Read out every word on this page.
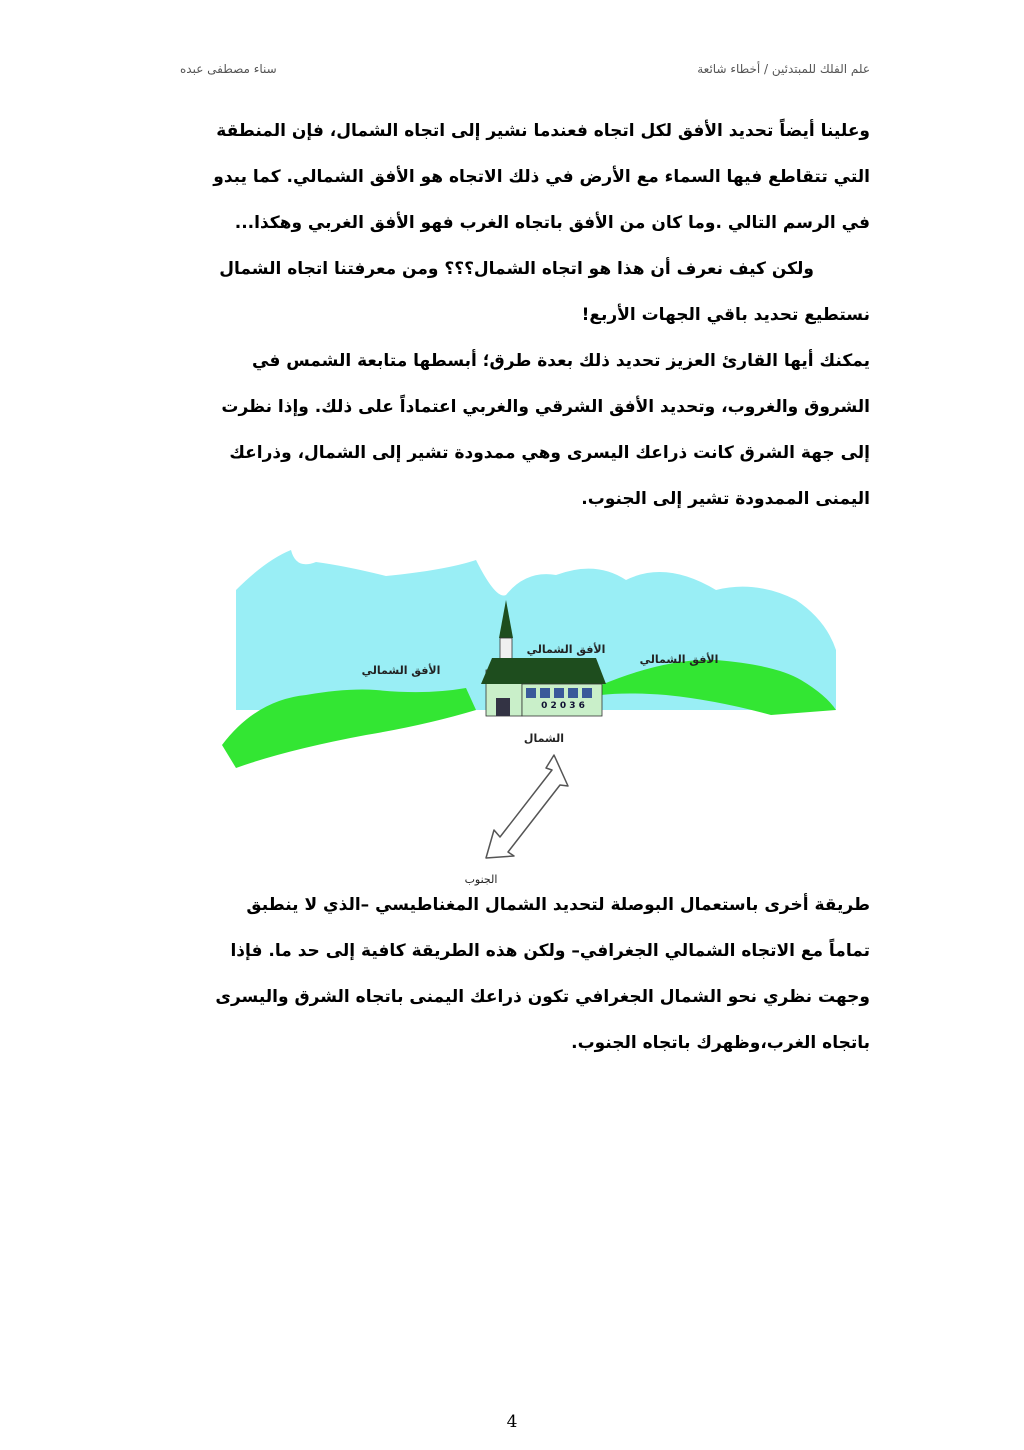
علم الفلك للمبتدئين / أخطاء شائعة
سناء مصطفى عبده
وعلينا أيضاً تحديد الأفق لكل اتجاه فعندما نشير إلى اتجاه الشمال، فإن المنطقة
التي تتقاطع فيها السماء مع الأرض في ذلك الاتجاه هو الأفق الشمالي. كما يبدو
في الرسم التالي .وما كان من الأفق باتجاه الغرب فهو الأفق الغربي وهكذا...
ولكن كيف نعرف أن هذا هو اتجاه الشمال؟؟؟ ومن معرفتنا اتجاه الشمال
نستطيع تحديد باقي الجهات الأربع!
يمكنك أيها القارئ العزيز تحديد ذلك بعدة طرق؛ أبسطها متابعة الشمس في
الشروق والغروب، وتحديد الأفق الشرقي والغربي اعتماداً على ذلك. وإذا نظرت
إلى جهة الشرق كانت ذراعك اليسرى وهي ممدودة تشير إلى الشمال، وذراعك
اليمنى الممدودة تشير إلى الجنوب.
الأفق الشمالي
الأفق الشمالي
الأفق الشمالي
0 2 0 3 6
الشمال
الجنوب
طريقة أخرى باستعمال البوصلة لتحديد الشمال المغناطيسي –الذي لا ينطبق
تماماً مع الاتجاه الشمالي الجغرافي– ولكن هذه الطريقة كافية إلى حد ما. فإذا
وجهت نظري نحو الشمال الجغرافي تكون ذراعك اليمنى باتجاه الشرق واليسرى
باتجاه الغرب،وظهرك باتجاه الجنوب.
4
